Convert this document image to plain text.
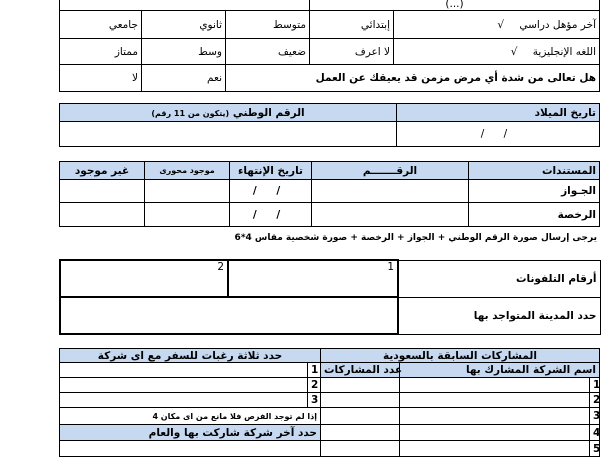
			(...)	
جامعي	ثانوي	متوسط	إبتدائي	آخر مؤهل دراسي √
ممتاز	وسط	ضعيف	لا اعرف	اللغه الإنجليزية √
لا	نعم	هل تعالى من شدة أي مرض مزمن قد يعيقك عن العمل		
الرقم الوطني (يتكون من 11 رقم)	تاريخ الميلاد
	/ /
غير موجود	موجود محورى	تاريخ الإنتهاء	الرقـــــــم	المستندات
		/ /		الجـواز
		/ /		الرخصة
يرجى إرسال صورة الرقم الوطني + الجواز + الرخصة + صورة شخصية مقاس 4*6
2	1	أرقام التلفونات
		حدد المدينة المتواجد بها
حدد ثلاثة رغبات للسفر مع اى شركة		المشاركات السابقة بالسعودية		
	1	عدد المشاركات	اسم الشركة المشارك بها	
	2			1
	3			2
4 إذا لم توجد الفرص فلا مانع من اى مكان				3
حدد آخر شركة شاركت بها والعام				4
				5
